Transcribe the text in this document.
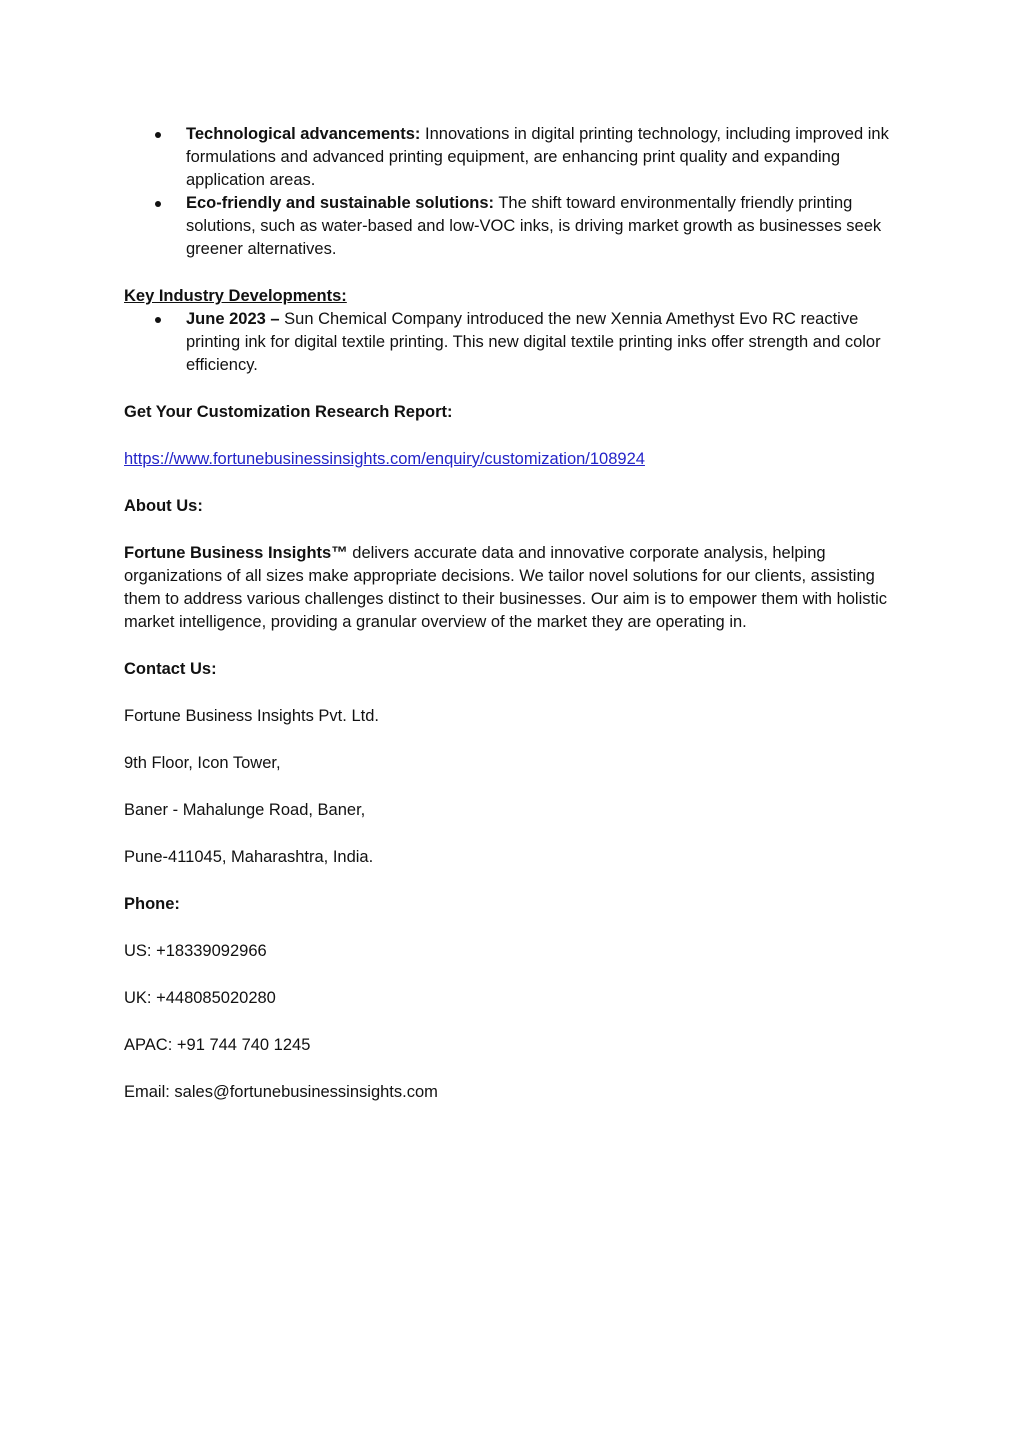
Technological advancements: Innovations in digital printing technology, including improved ink formulations and advanced printing equipment, are enhancing print quality and expanding application areas.
Eco-friendly and sustainable solutions: The shift toward environmentally friendly printing solutions, such as water-based and low-VOC inks, is driving market growth as businesses seek greener alternatives.

Key Industry Developments:

June 2023 – Sun Chemical Company introduced the new Xennia Amethyst Evo RC reactive printing ink for digital textile printing. This new digital textile printing inks offer strength and color efficiency.

Get Your Customization Research Report:

https://www.fortunebusinessinsights.com/enquiry/customization/108924

About Us:

Fortune Business Insights™ delivers accurate data and innovative corporate analysis, helping organizations of all sizes make appropriate decisions. We tailor novel solutions for our clients, assisting them to address various challenges distinct to their businesses. Our aim is to empower them with holistic market intelligence, providing a granular overview of the market they are operating in.

Contact Us:

Fortune Business Insights Pvt. Ltd.

9th Floor, Icon Tower,

Baner - Mahalunge Road, Baner,

Pune-411045, Maharashtra, India.

Phone:

US: +18339092966

UK: +448085020280

APAC: +91 744 740 1245

Email: sales@fortunebusinessinsights.com
